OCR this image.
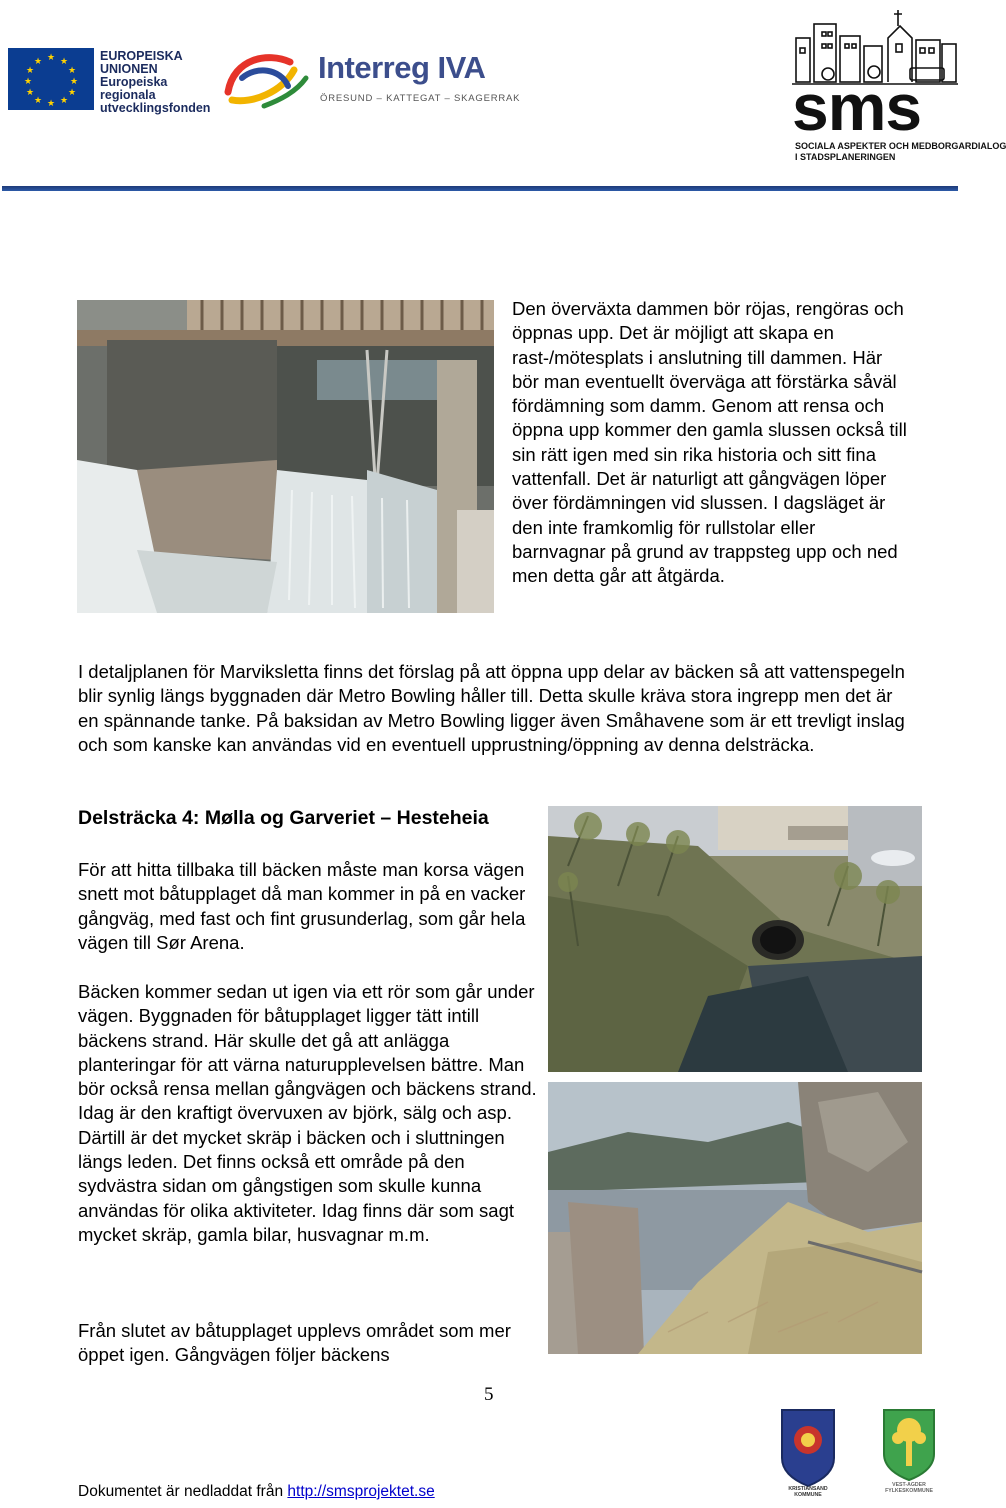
★ ★
★
★
★
★
★
★
★
★
★
★	EUROPEISKA
UNIONEN
Europeiska
regionala
utvecklingsfonden
Interreg IVA
ÖRESUND – KATTEGAT – SKAGERRAK	sms
SOCIALA ASPEKTER OCH MEDBORGARDIALOG
I STADSPLANERINGEN
Den överväxta dammen bör röjas, rengöras och öppnas upp. Det är möjligt att skapa en rast-/mötesplats i anslutning till dammen. Här bör man eventuellt överväga att förstärka såväl fördämning som damm. Genom att rensa och öppna upp kommer den gamla slussen också till sin rätt igen med sin rika historia och sitt fina vattenfall. Det är naturligt att gångvägen löper över fördämningen vid slussen. I dagsläget är den inte framkomlig för rullstolar eller barnvagnar på grund av trappsteg upp och ned men detta går att åtgärda.
I detaljplanen för Marviksletta finns det förslag på att öppna upp delar av bäcken så att vattenspegeln blir synlig längs byggnaden där Metro Bowling håller till. Detta skulle kräva stora ingrepp men det är en spännande tanke. På baksidan av Metro Bowling ligger även Småhavene som är ett trevligt inslag och som kanske kan användas vid en eventuell upprustning/öppning av denna delsträcka.
Delsträcka 4: Mølla og Garveriet – Hesteheia
För att hitta tillbaka till bäcken måste man korsa vägen snett mot båtupplaget då man kommer in på en vacker gångväg, med fast och fint grusunderlag, som går hela vägen till Sør Arena.
Bäcken kommer sedan ut igen via ett rör som går under vägen. Byggnaden för båtupplaget ligger tätt intill bäckens strand. Här skulle det gå att anlägga planteringar för att värna naturupplevelsen bättre. Man bör också rensa mellan gångvägen och bäckens strand. Idag är den kraftigt övervuxen av björk, sälg och asp. Därtill är det mycket skräp i bäcken och i sluttningen längs leden. Det finns också ett område på den sydvästra sidan om gångstigen som skulle kunna användas för olika aktiviteter. Idag finns där som sagt mycket skräp, gamla bilar, husvagnar m.m.
Från slutet av båtupplaget upplevs området som mer öppet igen. Gångvägen följer bäckens
5
Dokumentet är nedladdat från http://smsprojektet.se	KRISTIANSAND
KOMMUNE
VEST-AGDER
FYLKESKOMMUNE
